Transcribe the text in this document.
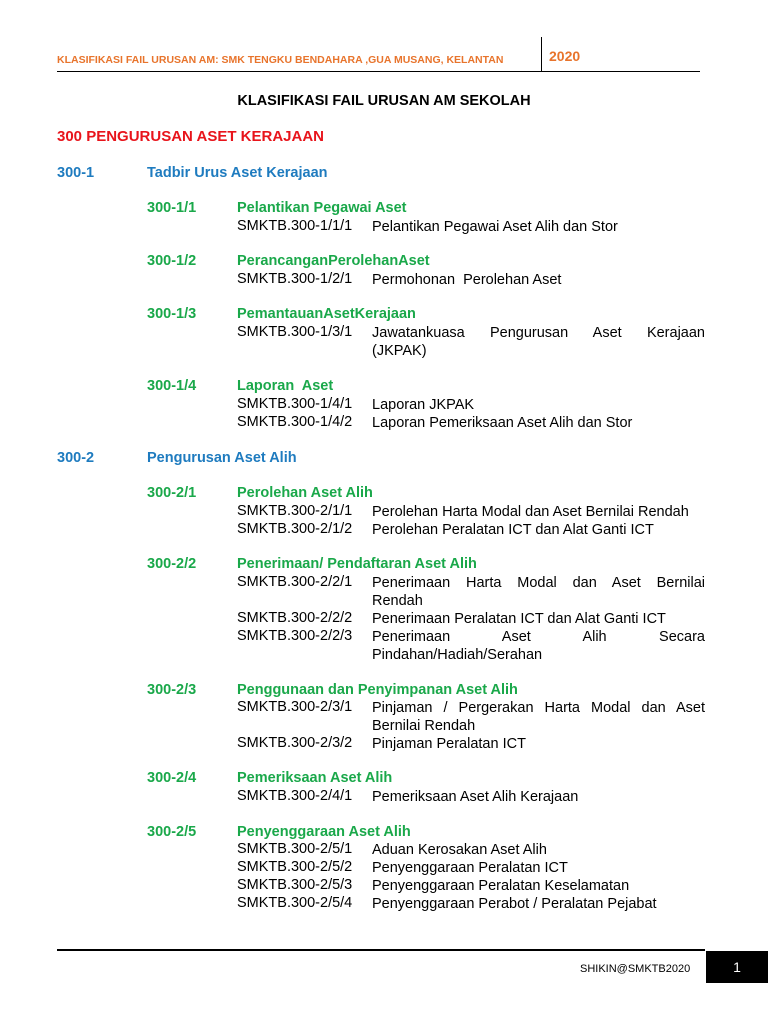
KLASIFIKASI FAIL URUSAN AM: SMK TENGKU BENDAHARA ,GUA MUSANG, KELANTAN	2020
KLASIFIKASI FAIL URUSAN AM SEKOLAH
300 PENGURUSAN ASET KERAJAAN
300-1	Tadbir Urus Aset Kerajaan
300-1/1	Pelantikan Pegawai Aset
SMKTB.300-1/1/1 Pelantikan Pegawai Aset Alih dan Stor
300-1/2	PerancanganPerolehanAset
SMKTB.300-1/2/1 Permohonan  Perolehan Aset
300-1/3	PemantauanAsetKerajaan
SMKTB.300-1/3/1 Jawatankuasa Pengurusan Aset Kerajaan
(JKPAK)
300-1/4	Laporan  Aset
SMKTB.300-1/4/1 Laporan JKPAK
SMKTB.300-1/4/2 Laporan Pemeriksaan Aset Alih dan Stor
300-2	Pengurusan Aset Alih
300-2/1	Perolehan Aset Alih
SMKTB.300-2/1/1 Perolehan Harta Modal dan Aset Bernilai Rendah
SMKTB.300-2/1/2 Perolehan Peralatan ICT dan Alat Ganti ICT
300-2/2	Penerimaan/ Pendaftaran Aset Alih
SMKTB.300-2/2/1 Penerimaan Harta Modal dan Aset Bernilai
Rendah
SMKTB.300-2/2/2 Penerimaan Peralatan ICT dan Alat Ganti ICT
SMKTB.300-2/2/3 Penerimaan Aset Alih Secara
Pindahan/Hadiah/Serahan
300-2/3	Penggunaan dan Penyimpanan Aset Alih
SMKTB.300-2/3/1 Pinjaman / Pergerakan Harta Modal dan Aset
Bernilai Rendah
SMKTB.300-2/3/2 Pinjaman Peralatan ICT
300-2/4	Pemeriksaan Aset Alih
SMKTB.300-2/4/1 Pemeriksaan Aset Alih Kerajaan
300-2/5	Penyenggaraan Aset Alih
SMKTB.300-2/5/1 Aduan Kerosakan Aset Alih
SMKTB.300-2/5/2 Penyenggaraan Peralatan ICT
SMKTB.300-2/5/3 Penyenggaraan Peralatan Keselamatan
SMKTB.300-2/5/4 Penyenggaraan Perabot / Peralatan Pejabat
SHIKIN@SMKTB2020	1
